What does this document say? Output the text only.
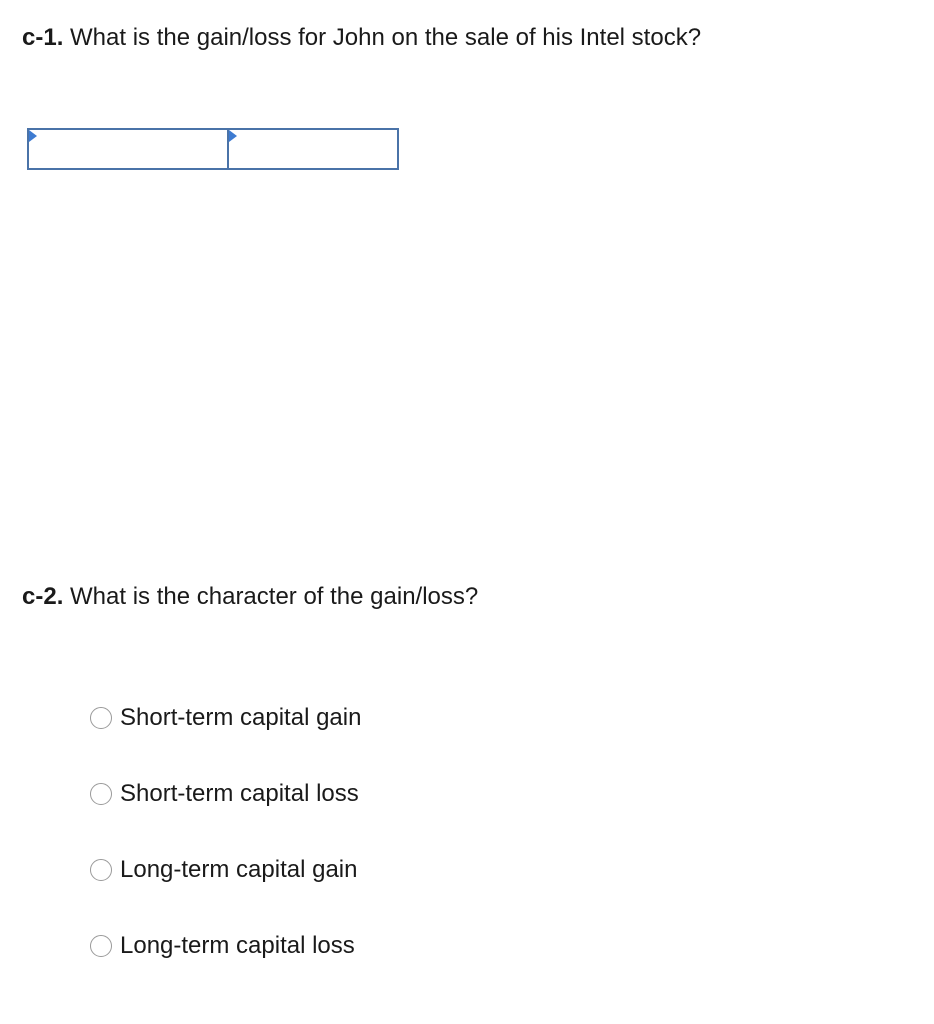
c-1. What is the gain/loss for John on the sale of his Intel stock?
c-2. What is the character of the gain/loss?
Short-term capital gain
Short-term capital loss
Long-term capital gain
Long-term capital loss
